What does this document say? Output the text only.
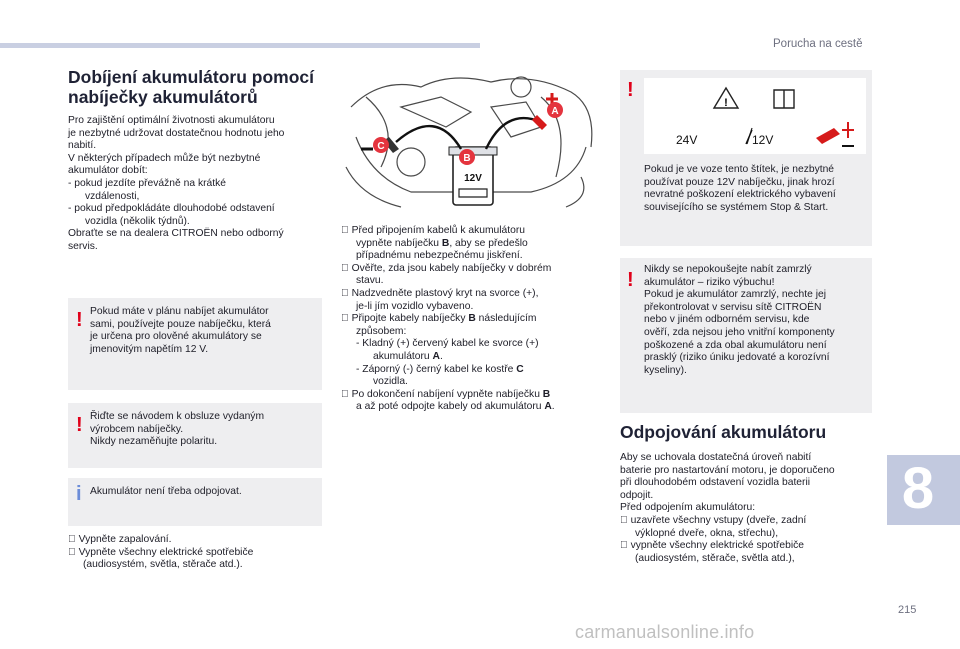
Porucha na cestě
Dobíjení akumulátoru pomocí
nabíječky akumulátorů
Pro zajištění optimální životnosti akumulátoru
je nezbytné udržovat dostatečnou hodnotu jeho
nabití.
V některých případech může být nezbytné
akumulátor dobít:
- pokud jezdíte převážně na krátké
vzdálenosti,
- pokud předpokládáte dlouhodobé odstavení
vozidla (několik týdnů).
Obraťte se na dealera CITROËN nebo odborný
servis.
! Pokud máte v plánu nabíjet akumulátor
sami, používejte pouze nabíječku, která
je určena pro olověné akumulátory se
jmenovitým napětím 12 V.
! Řiďte se návodem k obsluze vydaným
výrobcem nabíječky.
Nikdy nezaměňujte polaritu.
i Akumulátor není třeba odpojovat.
Vypněte zapalování.
Vypněte všechny elektrické spotřebiče
(audiosystém, světla, stěrače atd.).
A
B
C
12V
Před připojením kabelů k akumulátoru
vypněte nabíječku B, aby se předešlo
případnému nebezpečnému jiskření.
Ověřte, zda jsou kabely nabíječky v dobrém
stavu.
Nadzvedněte plastový kryt na svorce (+),
je-li jím vozidlo vybaveno.
Připojte kabely nabíječky B následujícím
způsobem:
- Kladný (+) červený kabel ke svorce (+)
akumulátoru A.
- Záporný (-) černý kabel ke kostře C
vozidla.
Po dokončení nabíjení vypněte nabíječku B
a až poté odpojte kabely od akumulátoru A.
!
!
24V	12V
Pokud je ve voze tento štítek, je nezbytné
používat pouze 12V nabíječku, jinak hrozí
nevratné poškození elektrického vybavení
souvisejícího se systémem Stop & Start.
! Nikdy se nepokoušejte nabít zamrzlý
akumulátor – riziko výbuchu!
Pokud je akumulátor zamrzlý, nechte jej
překontrolovat v servisu sítě CITROËN
nebo v jiném odborném servisu, kde
ověří, zda nejsou jeho vnitřní komponenty
poškozené a zda obal akumulátoru není
prasklý (riziko úniku jedovaté a korozívní
kyseliny).
Odpojování akumulátoru
Aby se uchovala dostatečná úroveň nabití
baterie pro nastartování motoru, je doporučeno
při dlouhodobém odstavení vozidla baterii
odpojit.
Před odpojením akumulátoru:
uzavřete všechny vstupy (dveře, zadní
výklopné dveře, okna, střechu),
vypněte všechny elektrické spotřebiče
(audiosystém, stěrače, světla atd.),
8
215
carmanualsonline.info
